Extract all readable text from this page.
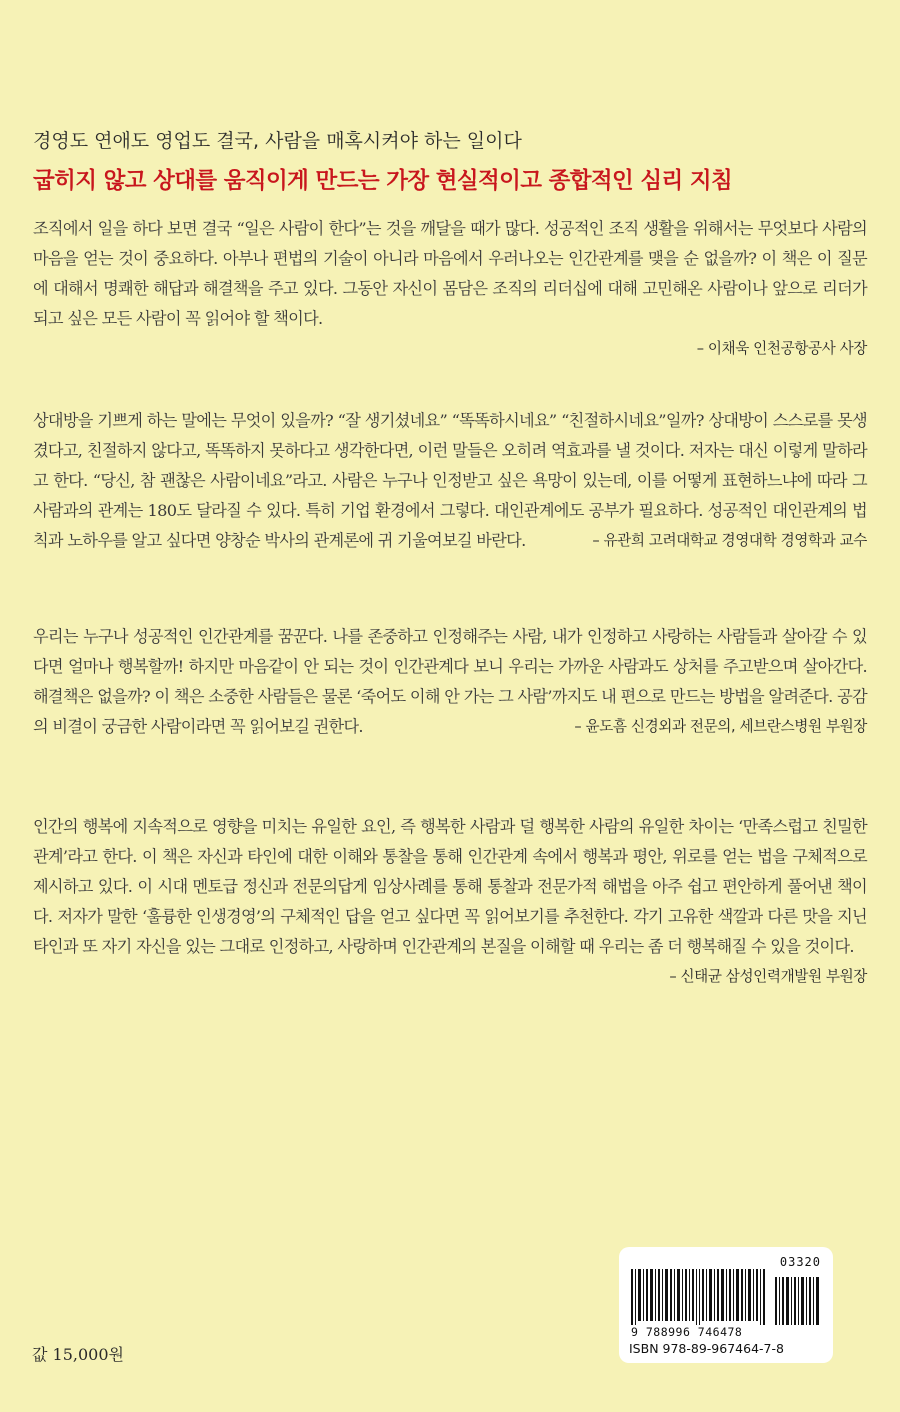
경영도 연애도 영업도 결국, 사람을 매혹시켜야 하는 일이다

굽히지 않고 상대를 움직이게 만드는 가장 현실적이고 종합적인 심리 지침

조직에서 일을 하다 보면 결국 “일은 사람이 한다”는 것을 깨달을 때가 많다. 성공적인 조직 생활을 위해서는 무엇보다 사람의 마음을 얻는 것이 중요하다. 아부나 편법의 기술이 아니라 마음에서 우러나오는 인간관계를 맺을 순 없을까? 이 책은 이 질문에 대해서 명쾌한 해답과 해결책을 주고 있다. 그동안 자신이 몸담은 조직의 리더십에 대해 고민해온 사람이나 앞으로 리더가 되고 싶은 모든 사람이 꼭 읽어야 할 책이다.

– 이채욱 인천공항공사 사장

상대방을 기쁘게 하는 말에는 무엇이 있을까? “잘 생기셨네요” “똑똑하시네요” “친절하시네요”일까? 상대방이 스스로를 못생겼다고, 친절하지 않다고, 똑똑하지 못하다고 생각한다면, 이런 말들은 오히려 역효과를 낼 것이다. 저자는 대신 이렇게 말하라고 한다. “당신, 참 괜찮은 사람이네요”라고. 사람은 누구나 인정받고 싶은 욕망이 있는데, 이를 어떻게 표현하느냐에 따라 그 사람과의 관계는 180도 달라질 수 있다. 특히 기업 환경에서 그렇다. 대인관계에도 공부가 필요하다. 성공적인 대인관계의 법칙과 노하우를 알고 싶다면 양창순 박사의 관계론에 귀 기울여보길 바란다.	– 유관희 고려대학교 경영대학 경영학과 교수

우리는 누구나 성공적인 인간관계를 꿈꾼다. 나를 존중하고 인정해주는 사람, 내가 인정하고 사랑하는 사람들과 살아갈 수 있다면 얼마나 행복할까! 하지만 마음같이 안 되는 것이 인간관계다 보니 우리는 가까운 사람과도 상처를 주고받으며 살아간다. 해결책은 없을까? 이 책은 소중한 사람들은 물론 ‘죽어도 이해 안 가는 그 사람’까지도 내 편으로 만드는 방법을 알려준다. 공감의 비결이 궁금한 사람이라면 꼭 읽어보길 권한다.	– 윤도흠 신경외과 전문의, 세브란스병원 부원장

인간의 행복에 지속적으로 영향을 미치는 유일한 요인, 즉 행복한 사람과 덜 행복한 사람의 유일한 차이는 ‘만족스럽고 친밀한 관계’라고 한다. 이 책은 자신과 타인에 대한 이해와 통찰을 통해 인간관계 속에서 행복과 평안, 위로를 얻는 법을 구체적으로 제시하고 있다. 이 시대 멘토급 정신과 전문의답게 임상사례를 통해 통찰과 전문가적 해법을 아주 쉽고 편안하게 풀어낸 책이다. 저자가 말한 ‘훌륭한 인생경영’의 구체적인 답을 얻고 싶다면 꼭 읽어보기를 추천한다. 각기 고유한 색깔과 다른 맛을 지닌 타인과 또 자기 자신을 있는 그대로 인정하고, 사랑하며 인간관계의 본질을 이해할 때 우리는 좀 더 행복해질 수 있을 것이다.

– 신태균 삼성인력개발원 부원장
값 15,000원
03320
9 788996 746478
ISBN 978-89-967464-7-8
